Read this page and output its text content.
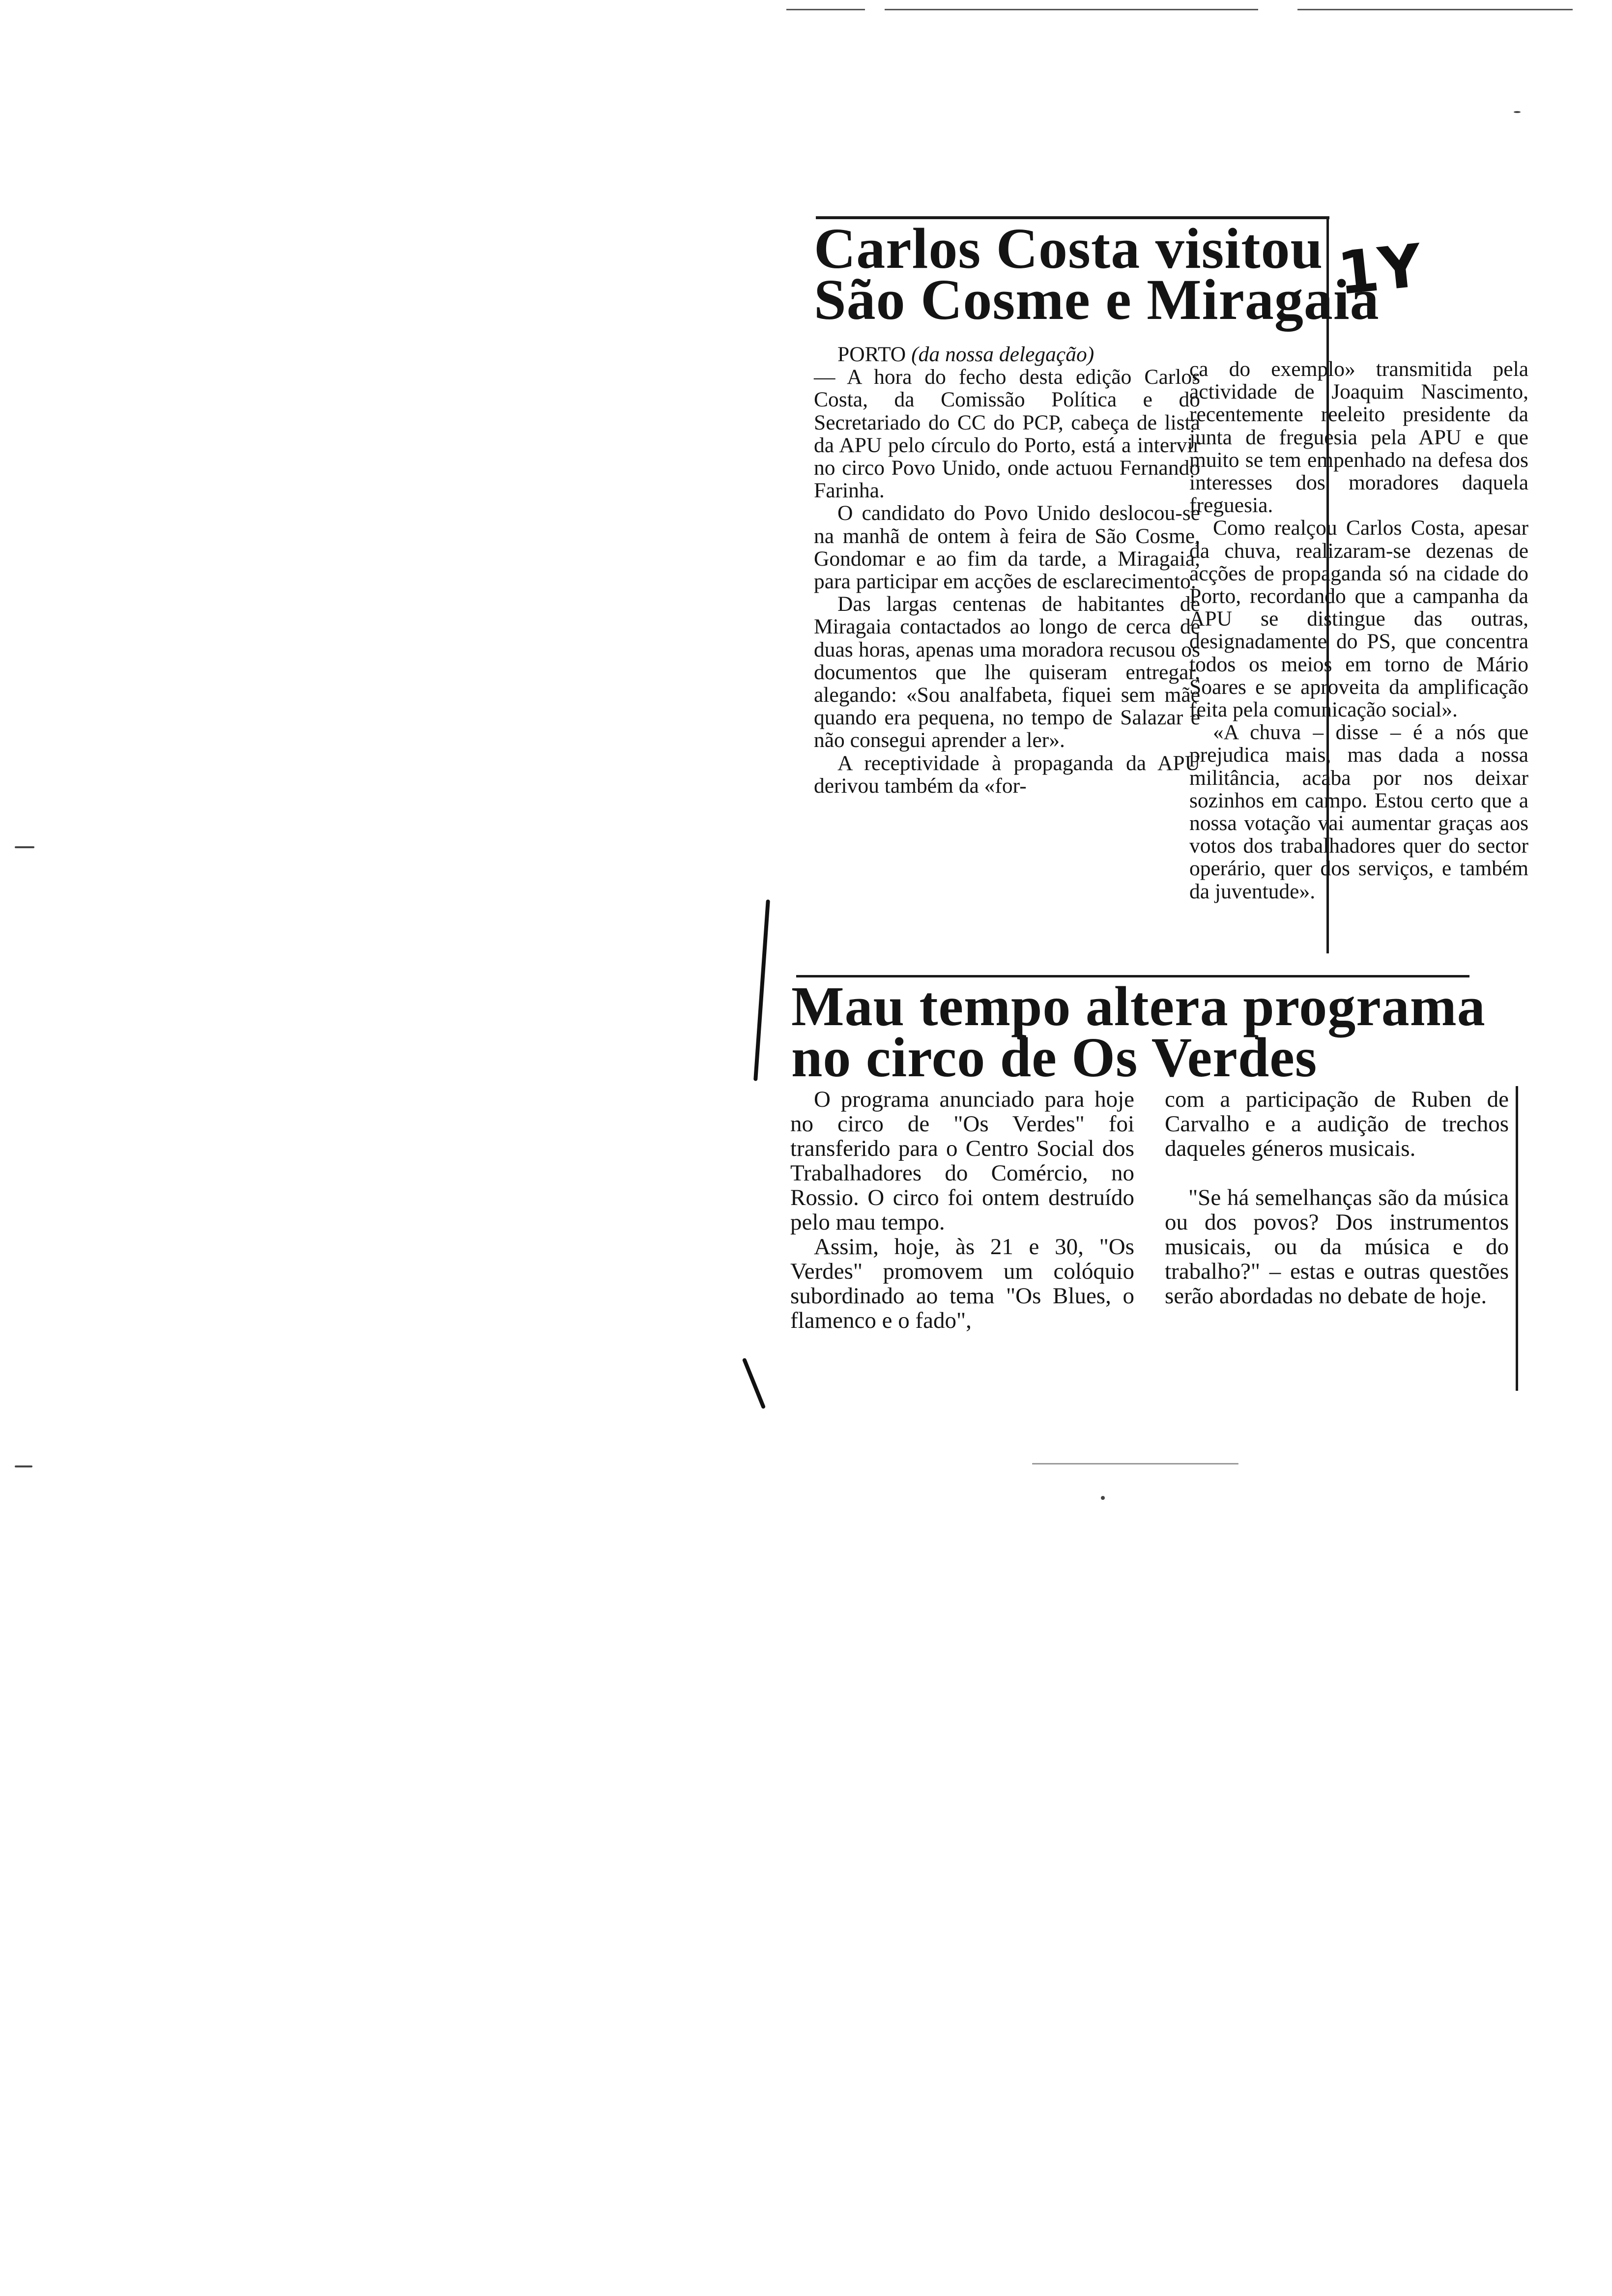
Carlos Costa visitou
São Cosme e Miragaia
1Y

PORTO (da nossa delegação)

— A hora do fecho desta edição Carlos Costa, da Comissão Política e do Secretariado do CC do PCP, cabeça de lista da APU pelo círculo do Porto, está a intervir no circo Povo Unido, onde actuou Fernando Farinha.

O candidato do Povo Unido deslocou-se na manhã de ontem à feira de São Cosme, Gondomar e ao fim da tarde, a Miragaia, para participar em acções de esclarecimento.

Das largas centenas de habitantes de Miragaia contactados ao longo de cerca de duas horas, apenas uma moradora recusou os documentos que lhe quiseram entregar, alegando: «Sou analfabeta, fiquei sem mãe quando era pequena, no tempo de Salazar e não consegui aprender a ler».

A receptividade à propaganda da APU derivou também da «for-

ça do exemplo» transmitida pela actividade de Joaquim Nascimento, recentemente reeleito presidente da junta de freguesia pela APU e que muito se tem empenhado na defesa dos interesses dos moradores daquela freguesia.

Como realçou Carlos Costa, apesar da chuva, realizaram-se dezenas de acções de propaganda só na cidade do Porto, recordando que a campanha da APU se distingue das outras, designadamente do PS, que concentra todos os meios em torno de Mário Soares e se aproveita da amplificação feita pela comunicação social».

«A chuva – disse – é a nós que prejudica mais, mas dada a nossa militância, acaba por nos deixar sozinhos em campo. Estou certo que a nossa votação vai aumentar graças aos votos dos trabalhadores quer do sector operário, quer dos serviços, e também da juventude».

Mau tempo altera programa
no circo de Os Verdes

O programa anunciado para hoje no circo de "Os Verdes" foi transferido para o Centro Social dos Trabalhadores do Comércio, no Rossio. O circo foi ontem destruído pelo mau tempo.

Assim, hoje, às 21 e 30, "Os Verdes" promovem um colóquio subordinado ao tema "Os Blues, o flamenco e o fado",

com a participação de Ruben de Carvalho e a audição de trechos daqueles géneros musicais.

"Se há semelhanças são da música ou dos povos? Dos instrumentos musicais, ou da música e do trabalho?" – estas e outras questões serão abordadas no debate de hoje.
